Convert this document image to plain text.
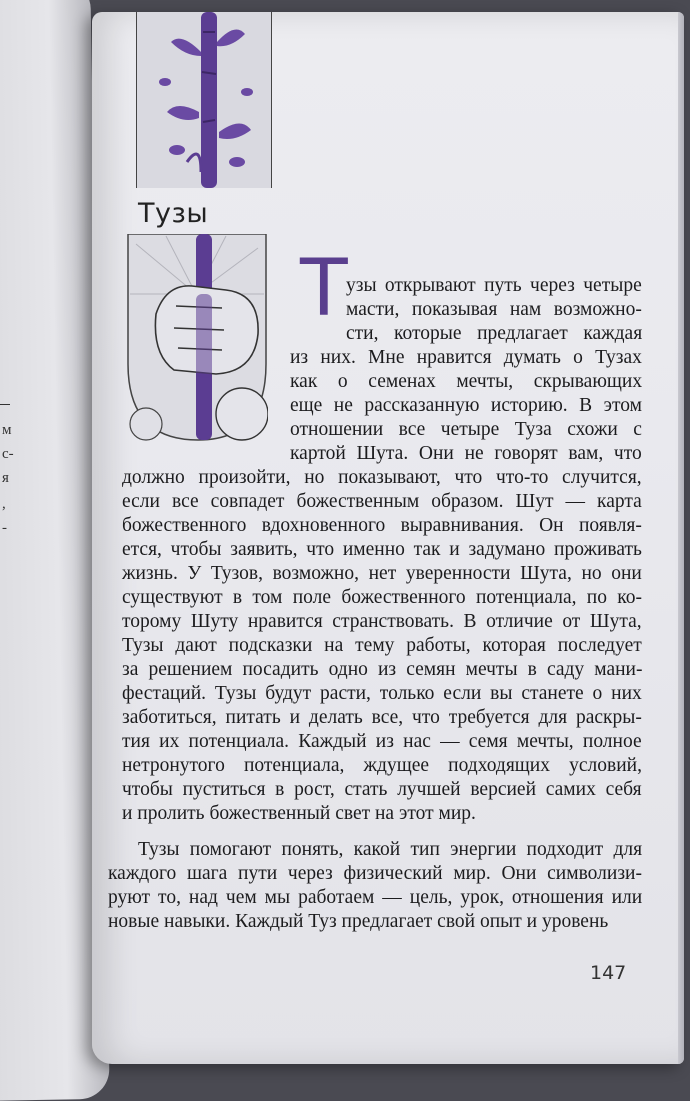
м
с-
я
,
-
Тузы
Т
узы открывают путь через четыре
масти, показывая нам возможно-
сти, которые предлагает каждая
из них. Мне нравится думать о Тузах
как о семенах мечты, скрывающих
еще не рассказанную историю. В этом
отношении все четыре Туза схожи с
картой Шута. Они не говорят вам, что
должно произойти, но показывают, что что-то случится,
если все совпадет божественным образом. Шут — карта
божественного вдохновенного выравнивания. Он появля-
ется, чтобы заявить, что именно так и задумано проживать
жизнь. У Тузов, возможно, нет уверенности Шута, но они
существуют в том поле божественного потенциала, по ко-
торому Шуту нравится странствовать. В отличие от Шута,
Тузы дают подсказки на тему работы, которая последует
за решением посадить одно из семян мечты в саду мани-
фестаций. Тузы будут расти, только если вы станете о них
заботиться, питать и делать все, что требуется для раскры-
тия их потенциала. Каждый из нас — семя мечты, полное
нетронутого потенциала, ждущее подходящих условий,
чтобы пуститься в рост, стать лучшей версией самих себя
и пролить божественный свет на этот мир.
Тузы помогают понять, какой тип энергии подходит для
каждого шага пути через физический мир. Они символизи-
руют то, над чем мы работаем — цель, урок, отношения или
новые навыки. Каждый Туз предлагает свой опыт и уровень
147
